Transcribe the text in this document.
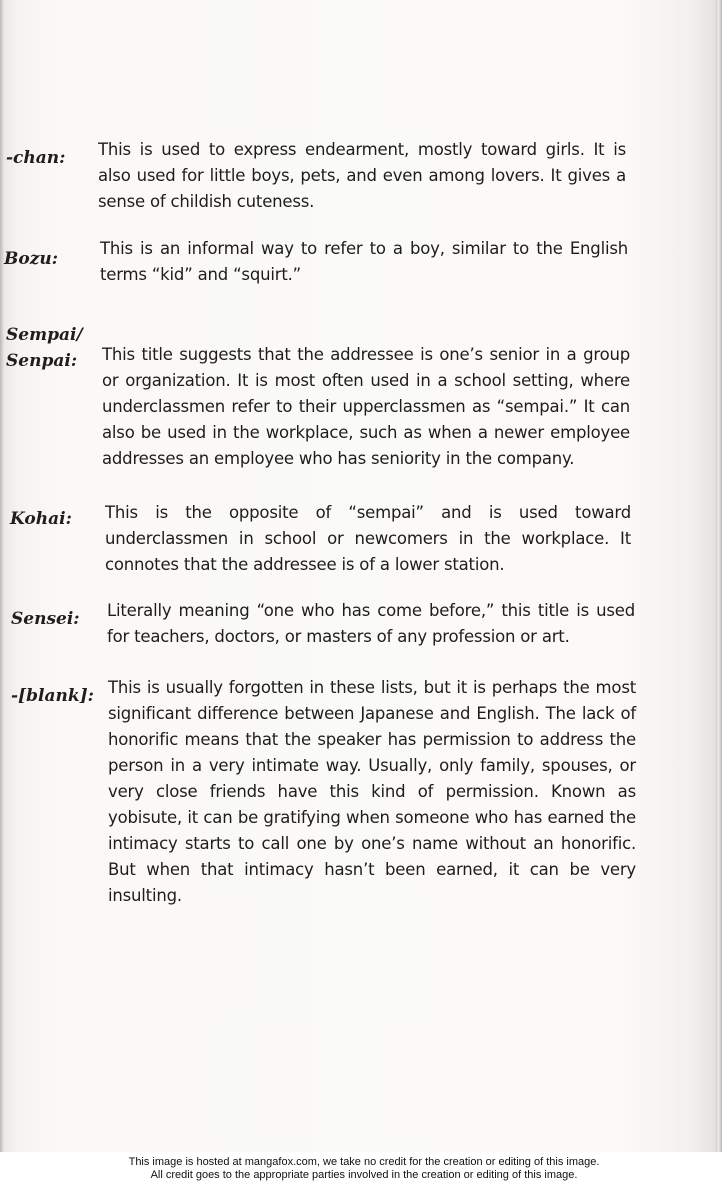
-chan: This is used to express endearment, mostly toward girls. It is also used for little boys, pets, and even among lovers. It gives a sense of childish cuteness.
Bozu:
This is an informal way to refer to a boy, similar to the English terms “kid” and “squirt.”
Sempai/
Senpai: This title suggests that the addressee is one’s senior in a group or organization. It is most often used in a school setting, where underclassmen refer to their upperclassmen as “sempai.” It can also be used in the workplace, such as when a newer employee addresses an employee who has seniority in the company.
Kohai: This is the opposite of “sempai” and is used toward underclassmen in school or newcomers in the workplace. It connotes that the addressee is of a lower station.
Sensei: Literally meaning “one who has come before,” this title is used for teachers, doctors, or masters of any profession or art.
-[blank]: This is usually forgotten in these lists, but it is perhaps the most significant difference between Japanese and English. The lack of honorific means that the speaker has permission to address the person in a very intimate way. Usually, only family, spouses, or very close friends have this kind of permission. Known as yobisute, it can be gratifying when someone who has earned the intimacy starts to call one by one’s name without an honorific. But when that intimacy hasn’t been earned, it can be very insulting.
This image is hosted at mangafox.com, we take no credit for the creation or editing of this image.
All credit goes to the appropriate parties involved in the creation or editing of this image.
